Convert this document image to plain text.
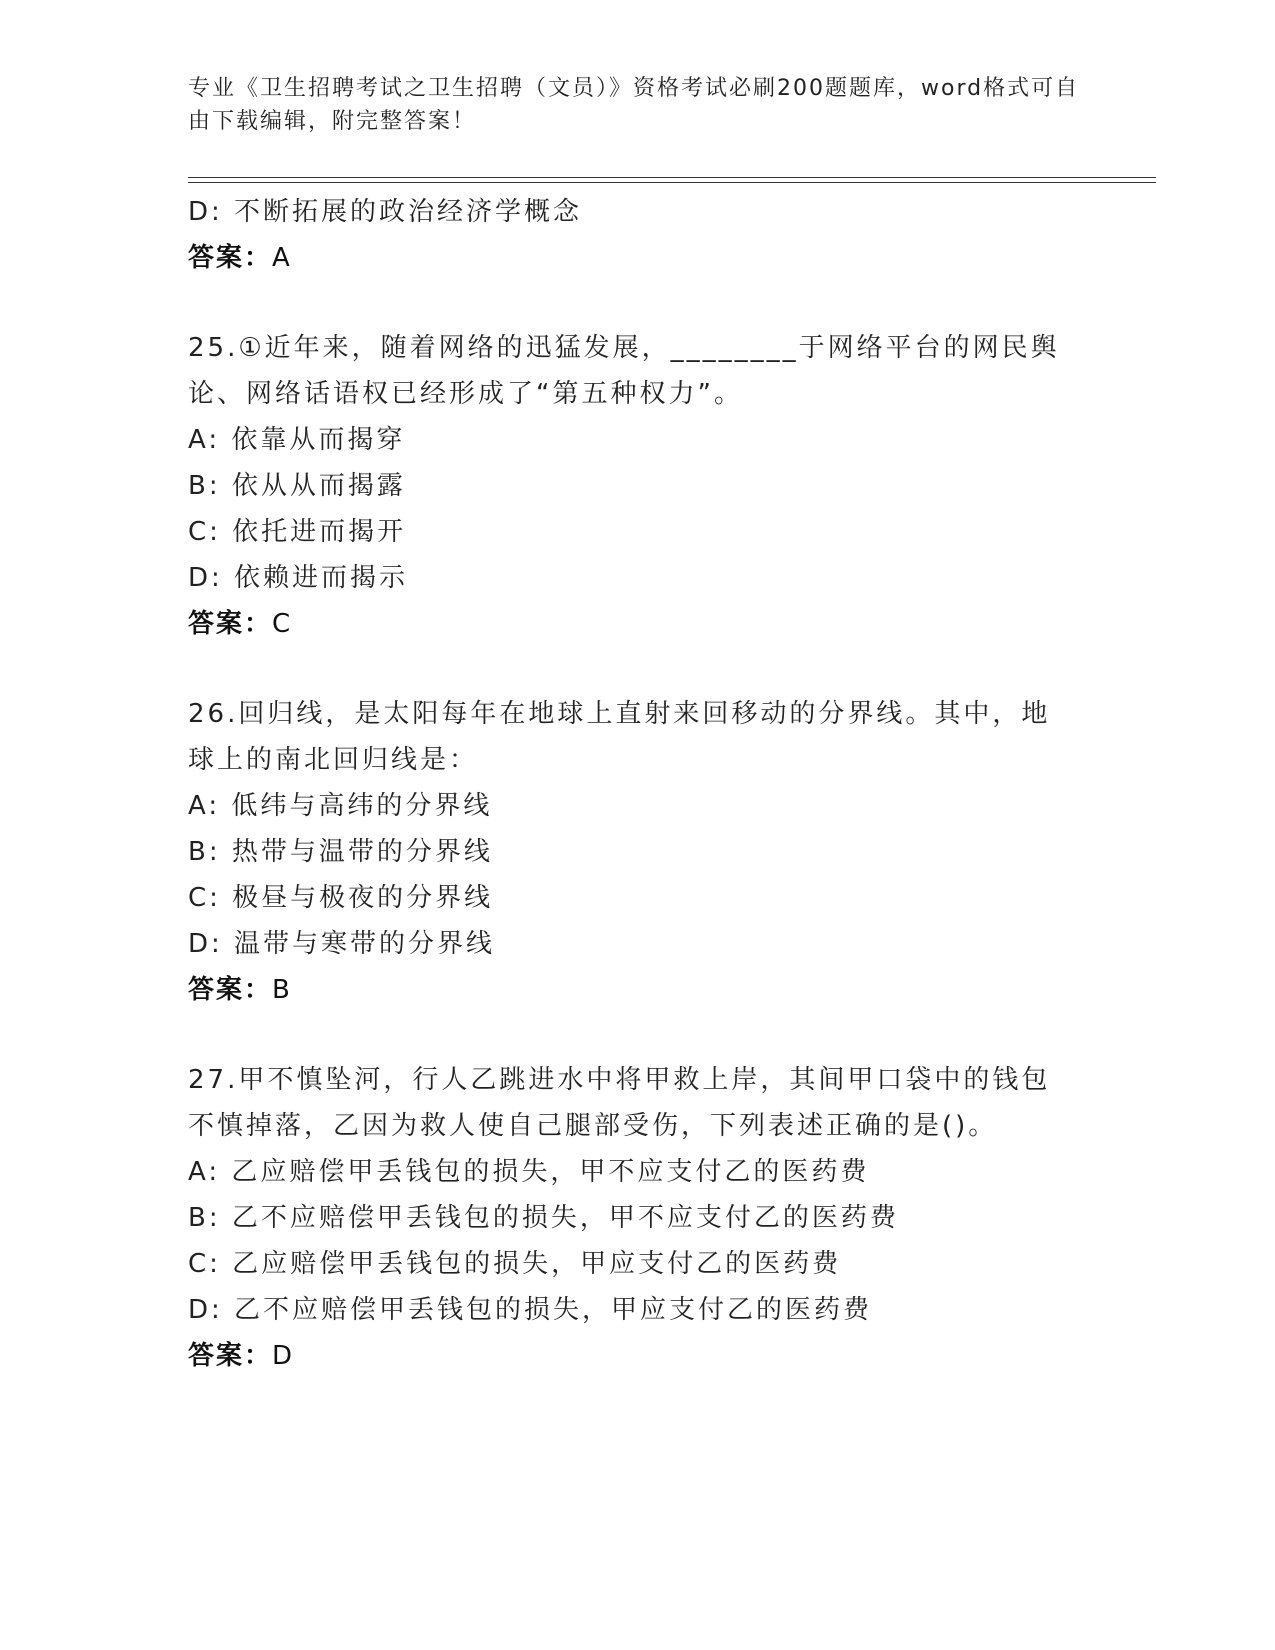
专业《卫生招聘考试之卫生招聘（文员）》资格考试必刷200题题库，word格式可自由下载编辑，附完整答案！
D: 不断拓展的政治经济学概念
答案：A
25.①近年来，随着网络的迅猛发展，________于网络平台的网民舆论、网络话语权已经形成了“第五种权力”。
A: 依靠从而揭穿
B: 依从从而揭露
C: 依托进而揭开
D: 依赖进而揭示
答案：C
26.回归线，是太阳每年在地球上直射来回移动的分界线。其中，地球上的南北回归线是：
A: 低纬与高纬的分界线
B: 热带与温带的分界线
C: 极昼与极夜的分界线
D: 温带与寒带的分界线
答案：B
27.甲不慎坠河，行人乙跳进水中将甲救上岸，其间甲口袋中的钱包不慎掉落，乙因为救人使自己腿部受伤，下列表述正确的是()。
A: 乙应赔偿甲丢钱包的损失，甲不应支付乙的医药费
B: 乙不应赔偿甲丢钱包的损失，甲不应支付乙的医药费
C: 乙应赔偿甲丢钱包的损失，甲应支付乙的医药费
D: 乙不应赔偿甲丢钱包的损失，甲应支付乙的医药费
答案：D
